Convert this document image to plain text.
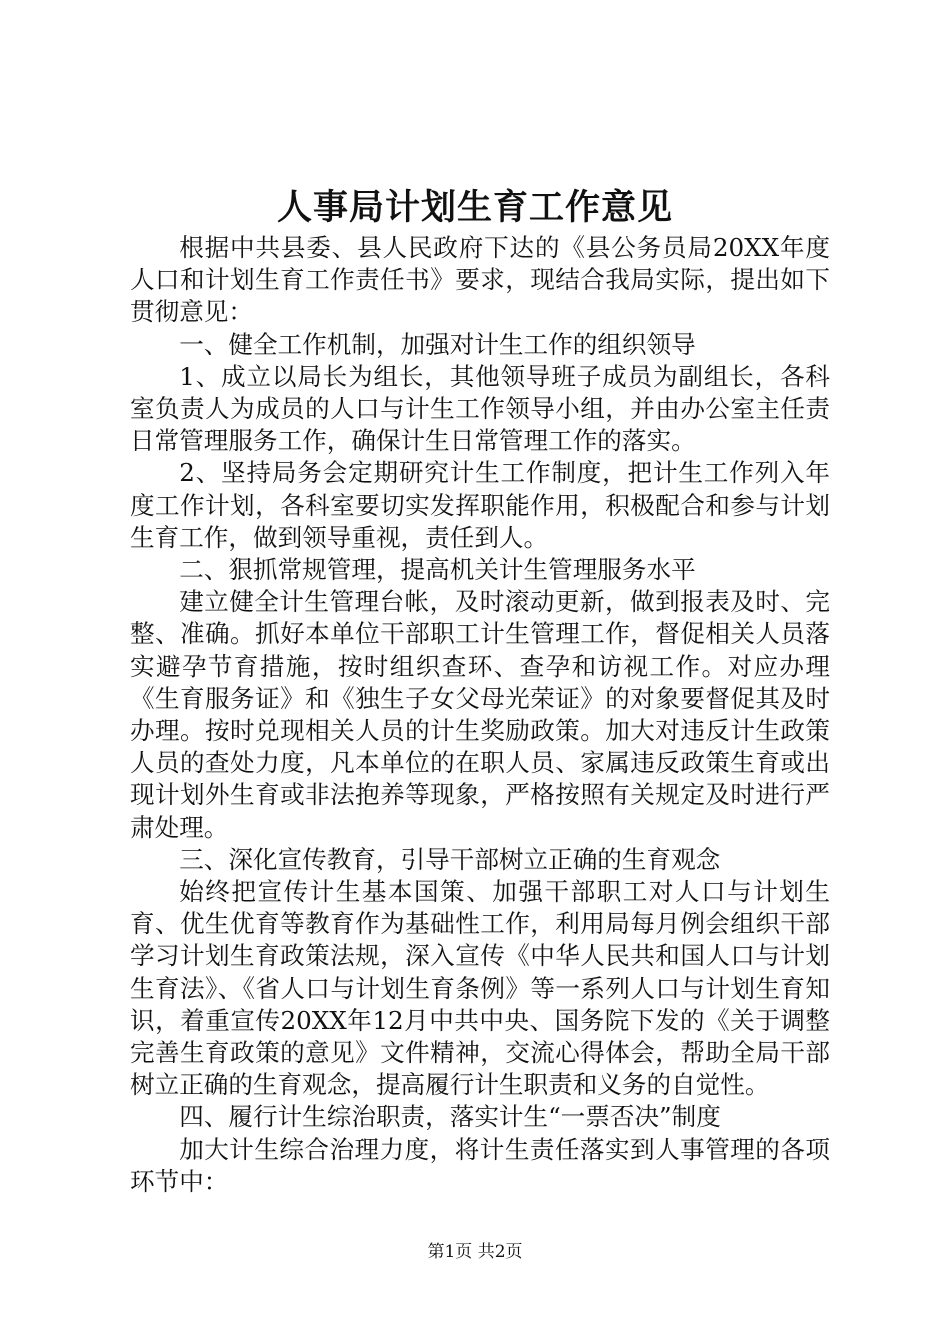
人事局计划生育工作意见

根据中共县委、县人民政府下达的《县公务员局20XX年度人口和计划生育工作责任书》要求，现结合我局实际，提出如下贯彻意见：

一、健全工作机制，加强对计生工作的组织领导

1、成立以局长为组长，其他领导班子成员为副组长，各科室负责人为成员的人口与计生工作领导小组，并由办公室主任责日常管理服务工作，确保计生日常管理工作的落实。

2、坚持局务会定期研究计生工作制度，把计生工作列入年度工作计划，各科室要切实发挥职能作用，积极配合和参与计划生育工作，做到领导重视，责任到人。

二、狠抓常规管理，提高机关计生管理服务水平

建立健全计生管理台帐，及时滚动更新，做到报表及时、完整、准确。抓好本单位干部职工计生管理工作，督促相关人员落实避孕节育措施，按时组织查环、查孕和访视工作。对应办理《生育服务证》和《独生子女父母光荣证》的对象要督促其及时办理。按时兑现相关人员的计生奖励政策。加大对违反计生政策人员的查处力度，凡本单位的在职人员、家属违反政策生育或出现计划外生育或非法抱养等现象，严格按照有关规定及时进行严肃处理。

三、深化宣传教育，引导干部树立正确的生育观念

始终把宣传计生基本国策、加强干部职工对人口与计划生育、优生优育等教育作为基础性工作，利用局每月例会组织干部学习计划生育政策法规，深入宣传《中华人民共和国人口与计划生育法》、《省人口与计划生育条例》等一系列人口与计划生育知识，着重宣传20XX年12月中共中央、国务院下发的《关于调整完善生育政策的意见》文件精神，交流心得体会，帮助全局干部树立正确的生育观念，提高履行计生职责和义务的自觉性。

四、履行计生综治职责，落实计生“一票否决”制度

加大计生综合治理力度，将计生责任落实到人事管理的各项环节中：

第1页 共2页
